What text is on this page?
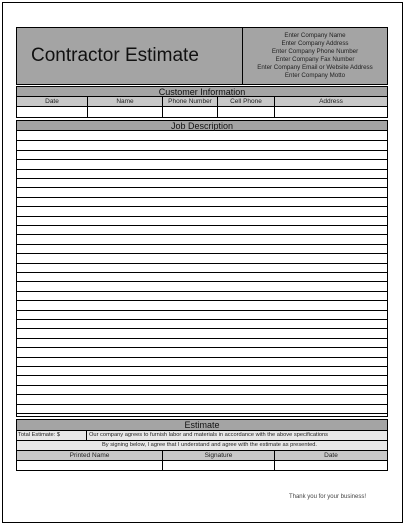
Contractor Estimate
Enter Company Name
Enter Company Address
Enter Company Phone Number
Enter Company Fax Number
Enter Company Email or Website Address
Enter Company Motto
Customer Information
Date	Name	Phone Number	Cell Phone	Address
Job Description
Estimate
Total Estimate: $	Our company agrees to furnish labor and materials in accordance with the above specifications
By signing below, I agree that I understand and agree with the estimate as presented.
Printed Name	Signature	Date
Thank you for your business!
